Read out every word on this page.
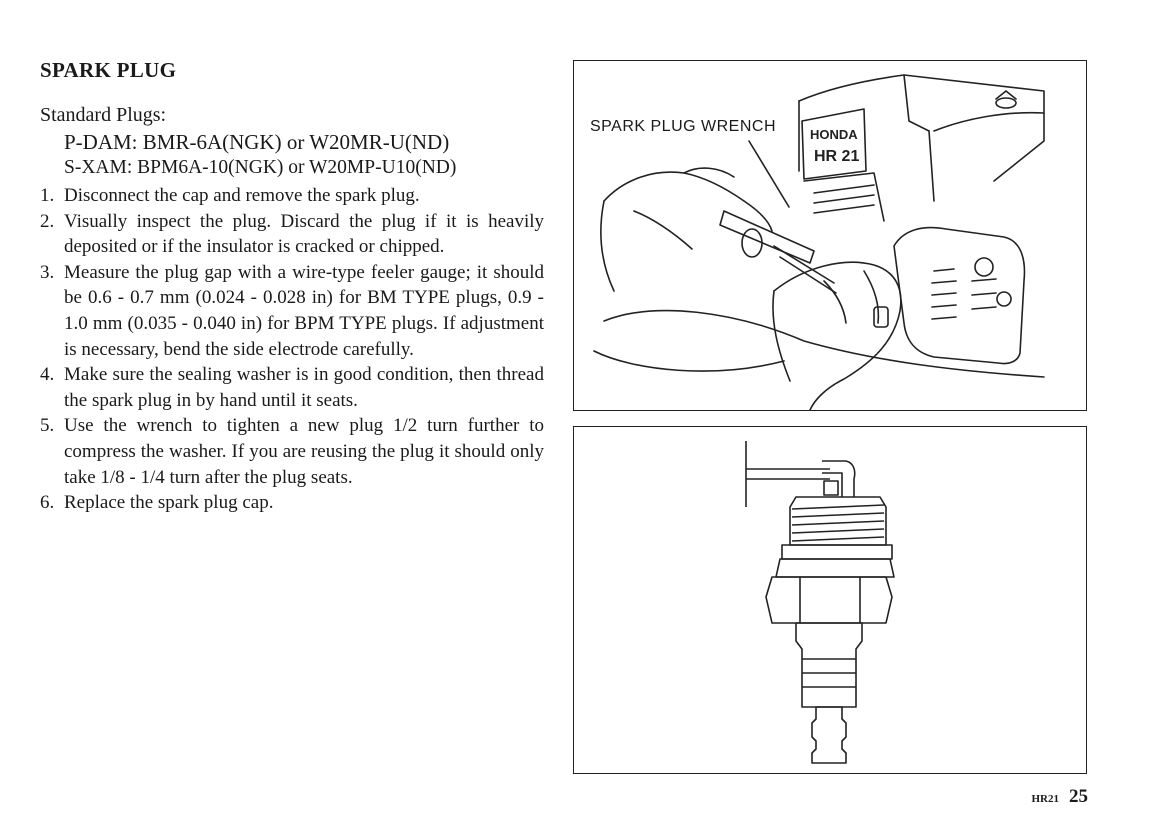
SPARK PLUG
Standard Plugs:
P-DAM: BMR-6A(NGK) or W20MR-U(ND)
S-XAM: BPM6A-10(NGK) or W20MP-U10(ND)
1. Disconnect the cap and remove the spark plug.
2. Visually inspect the plug. Discard the plug if it is heavily deposited or if the insulator is cracked or chipped.
3. Measure the plug gap with a wire-type feeler gauge; it should be 0.6 - 0.7 mm (0.024 - 0.028 in) for BM TYPE plugs, 0.9 - 1.0 mm (0.035 - 0.040 in) for BPM TYPE plugs. If adjustment is necessary, bend the side electrode carefully.
4. Make sure the sealing washer is in good condition, then thread the spark plug in by hand until it seats.
5. Use the wrench to tighten a new plug 1/2 turn further to compress the washer. If you are reusing the plug it should only take 1/8 - 1/4 turn after the plug seats.
6. Replace the spark plug cap.
HONDA
HR 21
SPARK PLUG WRENCH
HR21 25
